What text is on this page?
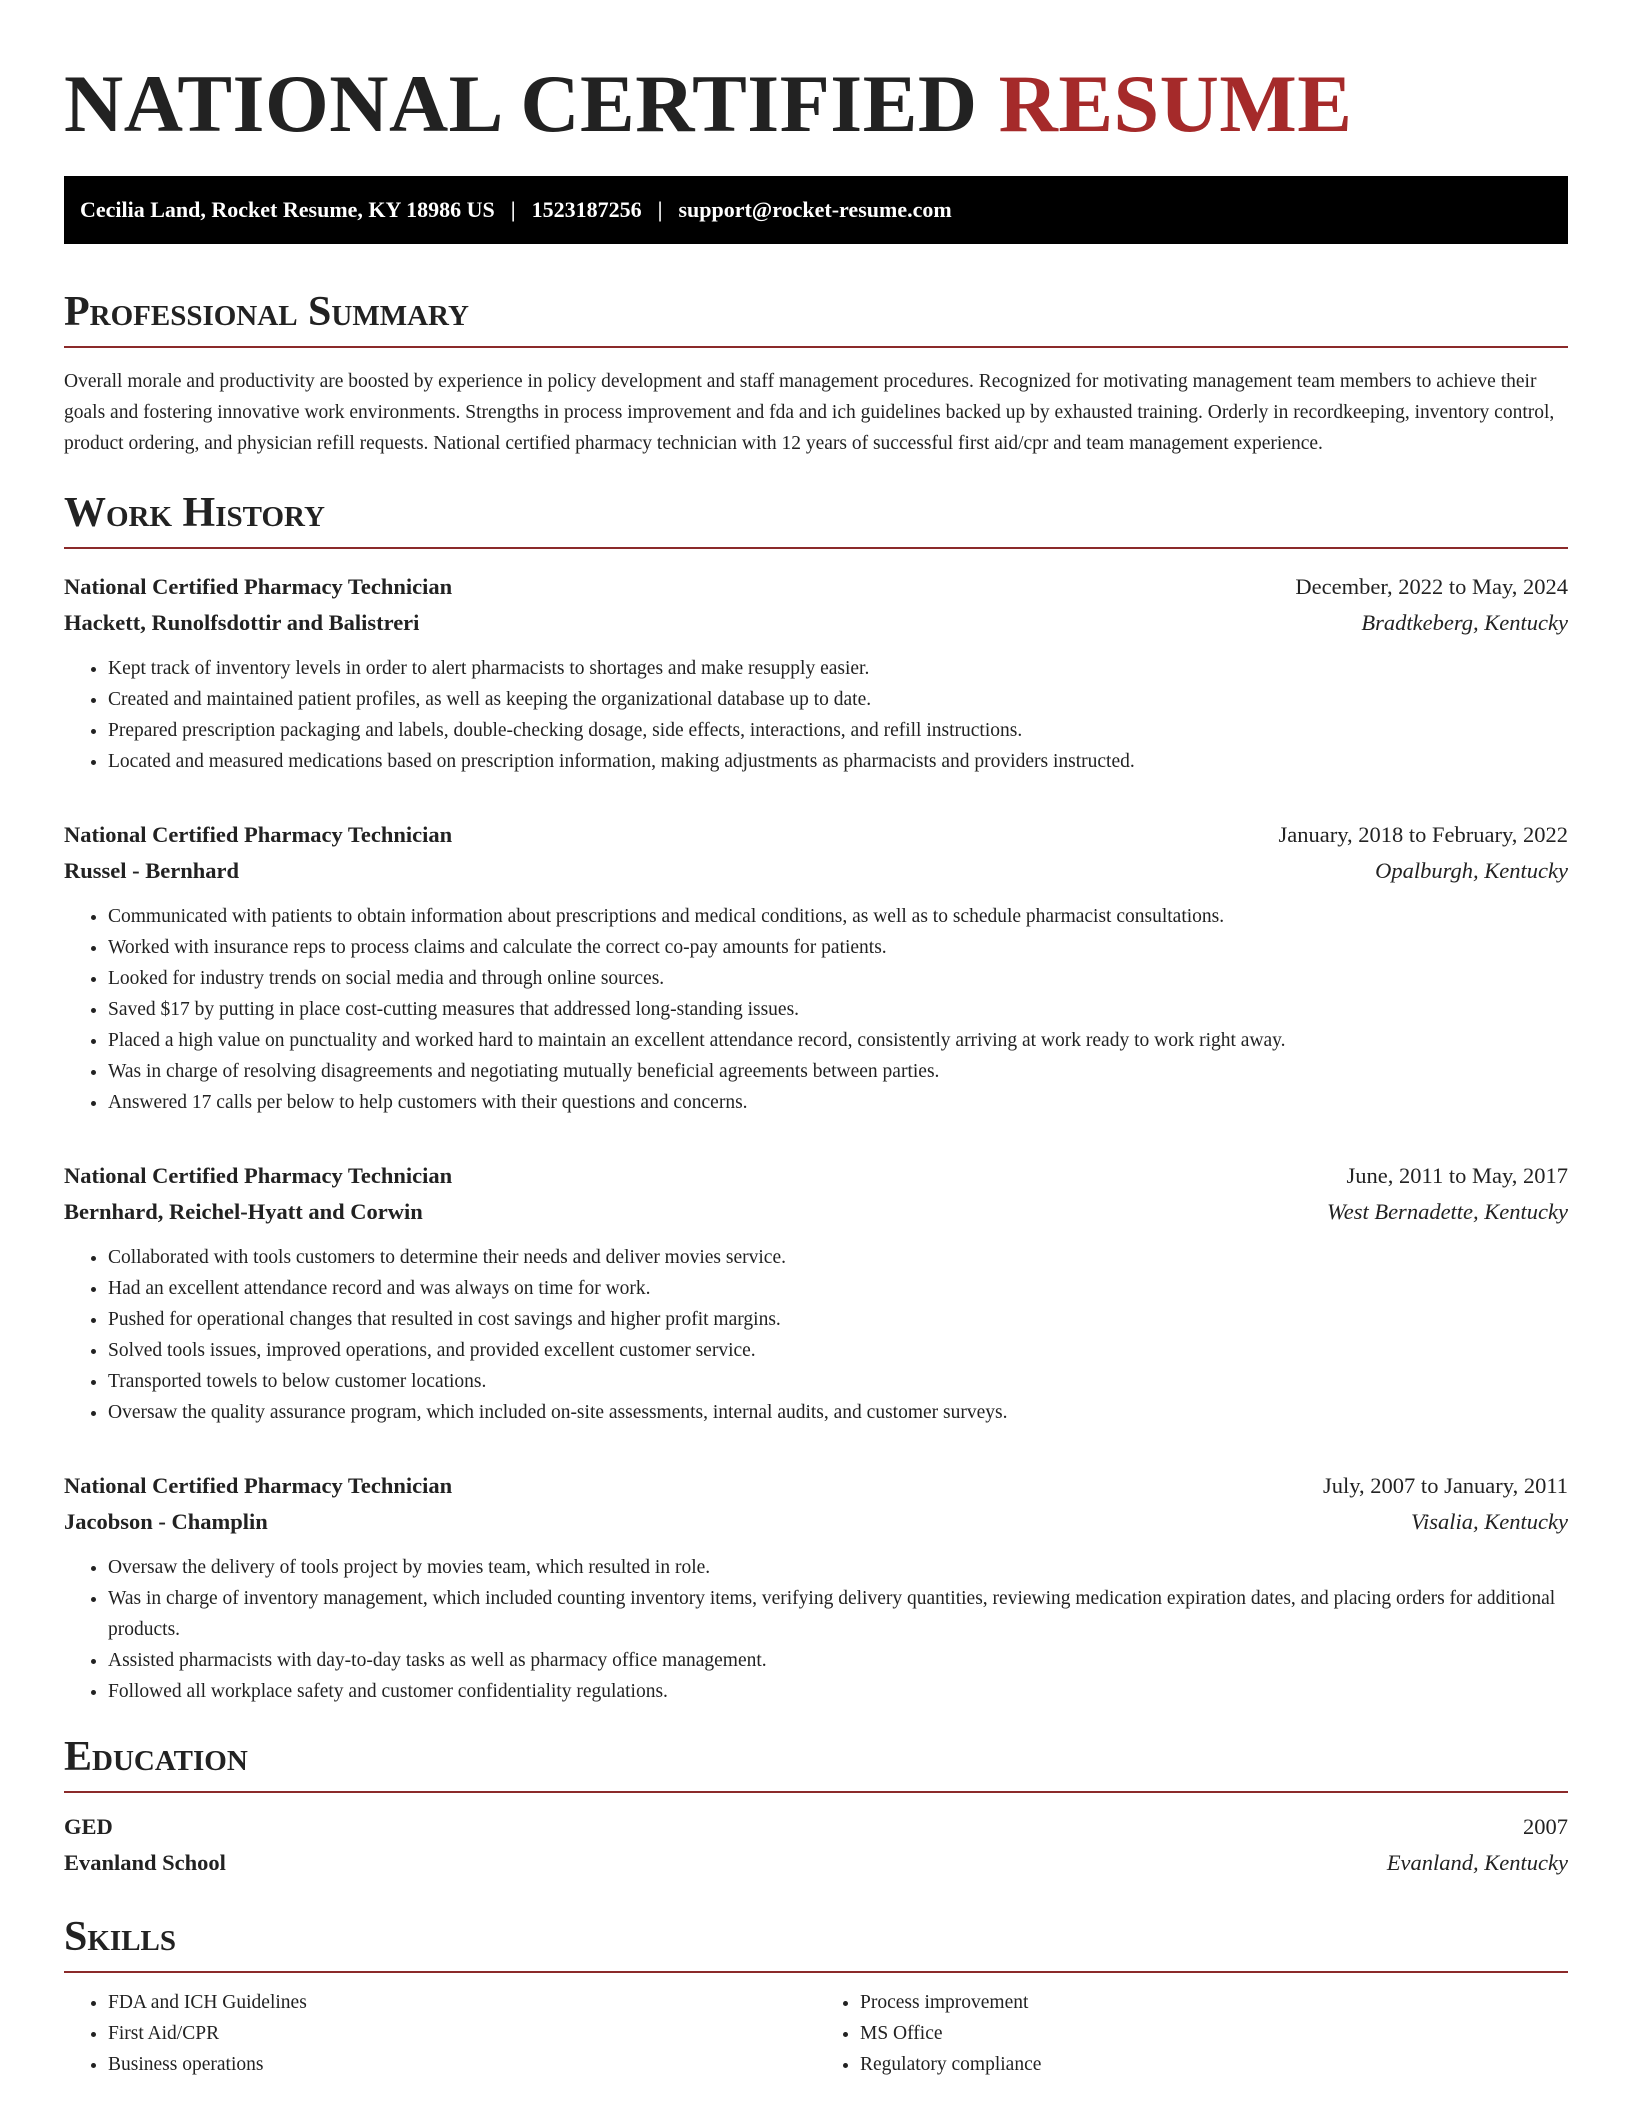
NATIONAL CERTIFIED RESUME
Cecilia Land, Rocket Resume, KY 18986 US | 1523187256 | support@rocket-resume.com
Professional Summary

Overall morale and productivity are boosted by experience in policy development and staff management procedures. Recognized for motivating management team members to achieve their goals and fostering innovative work environments. Strengths in process improvement and fda and ich guidelines backed up by exhausted training. Orderly in recordkeeping, inventory control, product ordering, and physician refill requests. National certified pharmacy technician with 12 years of successful first aid/cpr and team management experience.

Work History
National Certified Pharmacy Technician	December, 2022 to May, 2024
Hackett, Runolfsdottir and Balistreri	Bradtkeberg, Kentucky
• Kept track of inventory levels in order to alert pharmacists to shortages and make resupply easier.
• Created and maintained patient profiles, as well as keeping the organizational database up to date.
• Prepared prescription packaging and labels, double-checking dosage, side effects, interactions, and refill instructions.
• Located and measured medications based on prescription information, making adjustments as pharmacists and providers instructed.
National Certified Pharmacy Technician	January, 2018 to February, 2022
Russel - Bernhard	Opalburgh, Kentucky
• Communicated with patients to obtain information about prescriptions and medical conditions, as well as to schedule pharmacist consultations.
• Worked with insurance reps to process claims and calculate the correct co-pay amounts for patients.
• Looked for industry trends on social media and through online sources.
• Saved $17 by putting in place cost-cutting measures that addressed long-standing issues.
• Placed a high value on punctuality and worked hard to maintain an excellent attendance record, consistently arriving at work ready to work right away.
• Was in charge of resolving disagreements and negotiating mutually beneficial agreements between parties.
• Answered 17 calls per below to help customers with their questions and concerns.
National Certified Pharmacy Technician	June, 2011 to May, 2017
Bernhard, Reichel-Hyatt and Corwin	West Bernadette, Kentucky
• Collaborated with tools customers to determine their needs and deliver movies service.
• Had an excellent attendance record and was always on time for work.
• Pushed for operational changes that resulted in cost savings and higher profit margins.
• Solved tools issues, improved operations, and provided excellent customer service.
• Transported towels to below customer locations.
• Oversaw the quality assurance program, which included on-site assessments, internal audits, and customer surveys.
National Certified Pharmacy Technician	July, 2007 to January, 2011
Jacobson - Champlin	Visalia, Kentucky
• Oversaw the delivery of tools project by movies team, which resulted in role.
• Was in charge of inventory management, which included counting inventory items, verifying delivery quantities, reviewing medication expiration dates, and placing orders for additional products.
• Assisted pharmacists with day-to-day tasks as well as pharmacy office management.
• Followed all workplace safety and customer confidentiality regulations.
Education
GED	2007
Evanland School	Evanland, Kentucky
Skills
• FDA and ICH Guidelines
• First Aid/CPR
• Business operations
• Process improvement
• MS Office
• Regulatory compliance
